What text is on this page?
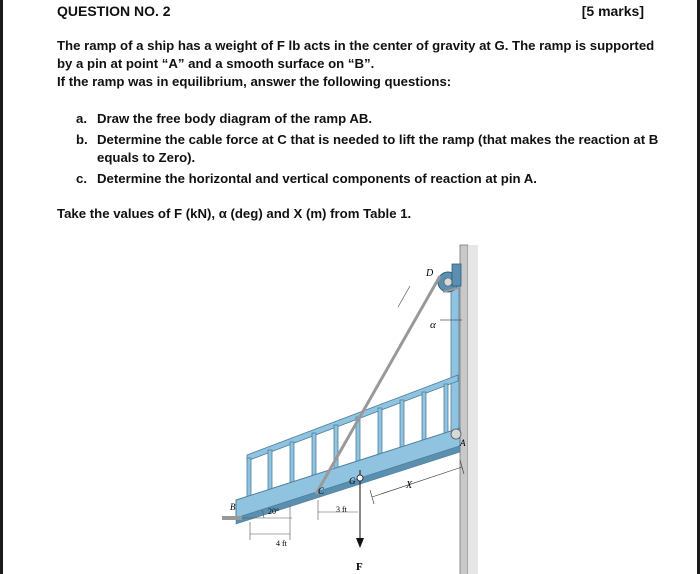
QUESTION NO. 2	[5 marks]

The ramp of a ship has a weight of F lb acts in the center of gravity at G. The ramp is supported by a pin at point “A” and a smooth surface on “B”.

If the ramp was in equilibrium, answer the following questions:

a. Draw the free body diagram of the ramp AB.
b. Determine the cable force at C that is needed to lift the ramp (that makes the reaction at B equals to Zero).
c. Determine the horizontal and vertical components of reaction at pin A.
Take the values of F (kN), α (deg) and X (m) from Table 1.
D
α
A
B
C
G	X
F
20°
4 ft
3 ft
